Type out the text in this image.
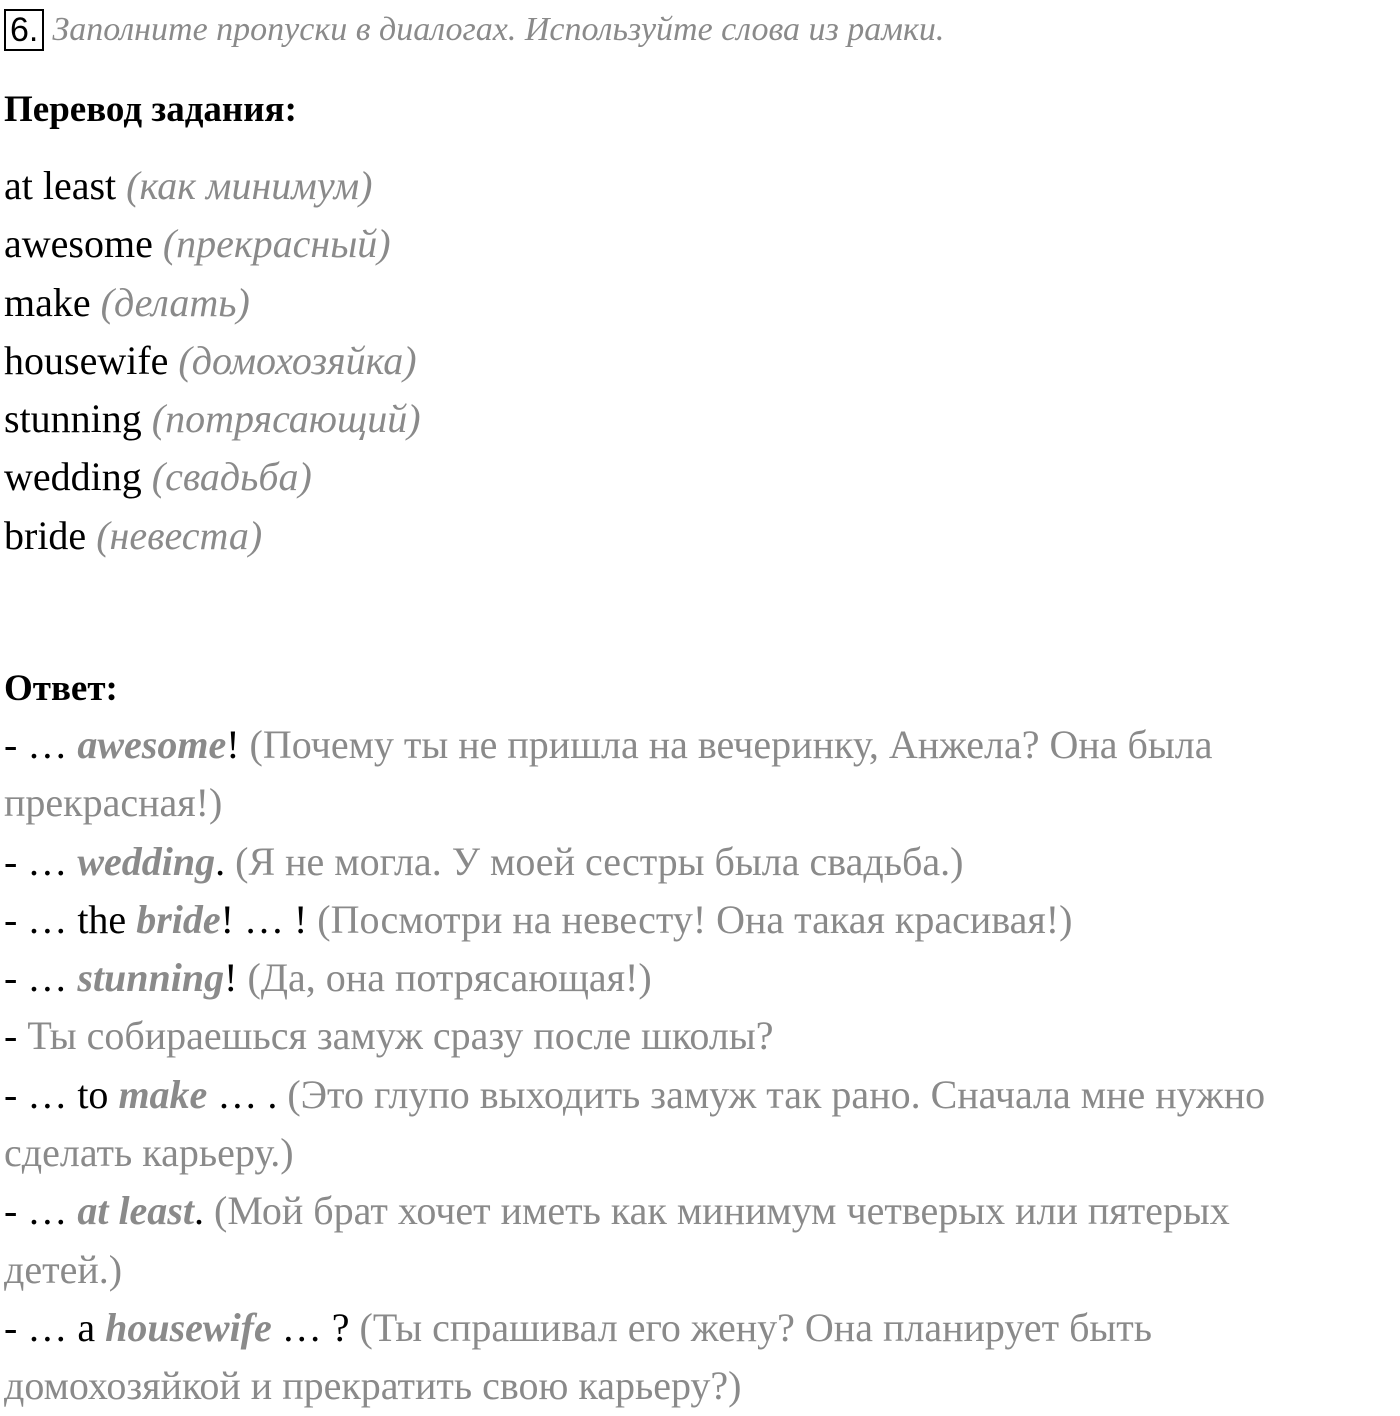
6. Заполните пропуски в диалогах. Используйте слова из рамки.
Перевод задания:
at least (как минимум)
awesome (прекрасный)
make (делать)
housewife (домохозяйка)
stunning (потрясающий)
wedding (свадьба)
bride (невеста)
Ответ:
- … awesome! (Почему ты не пришла на вечеринку, Анжела? Она была
прекрасная!)
- … wedding. (Я не могла. У моей сестры была свадьба.)
- … the bride! … ! (Посмотри на невесту! Она такая красивая!)
- … stunning! (Да, она потрясающая!)
- Ты собираешься замуж сразу после школы?
- … to make … . (Это глупо выходить замуж так рано. Сначала мне нужно
сделать карьеру.)
- … at least. (Мой брат хочет иметь как минимум четверых или пятерых
детей.)
- … a housewife … ? (Ты спрашивал его жену? Она планирует быть
домохозяйкой и прекратить свою карьеру?)
